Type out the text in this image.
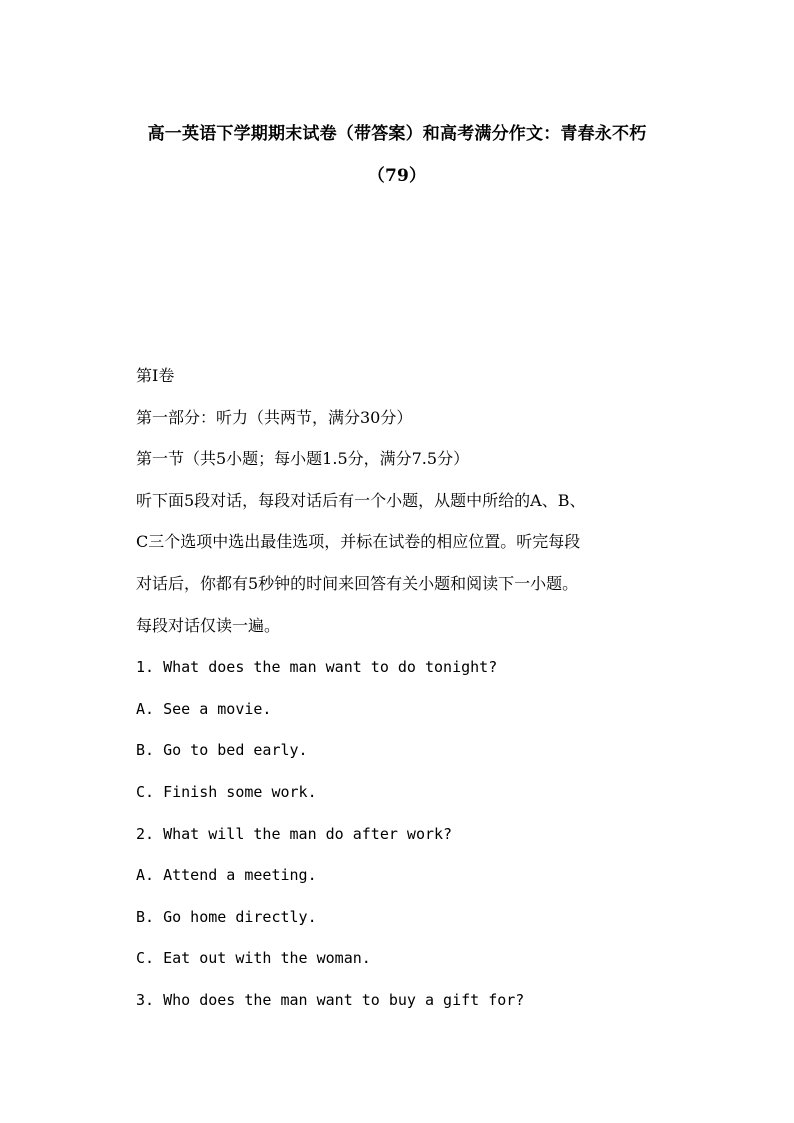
高一英语下学期期末试卷（带答案）和高考满分作文：青春永不朽
（79）
第Ⅰ卷
第一部分：听力（共两节，满分30分）
第一节（共5小题；每小题1.5分，满分7.5分）
听下面5段对话，每段对话后有一个小题，从题中所给的A、B、
C三个选项中选出最佳选项，并标在试卷的相应位置。听完每段
对话后，你都有5秒钟的时间来回答有关小题和阅读下一小题。
每段对话仅读一遍。
1. What does the man want to do tonight?
A. See a movie.
B. Go to bed early.
C. Finish some work.
2. What will the man do after work?
A. Attend a meeting.
B. Go home directly.
C. Eat out with the woman.
3. Who does the man want to buy a gift for?
